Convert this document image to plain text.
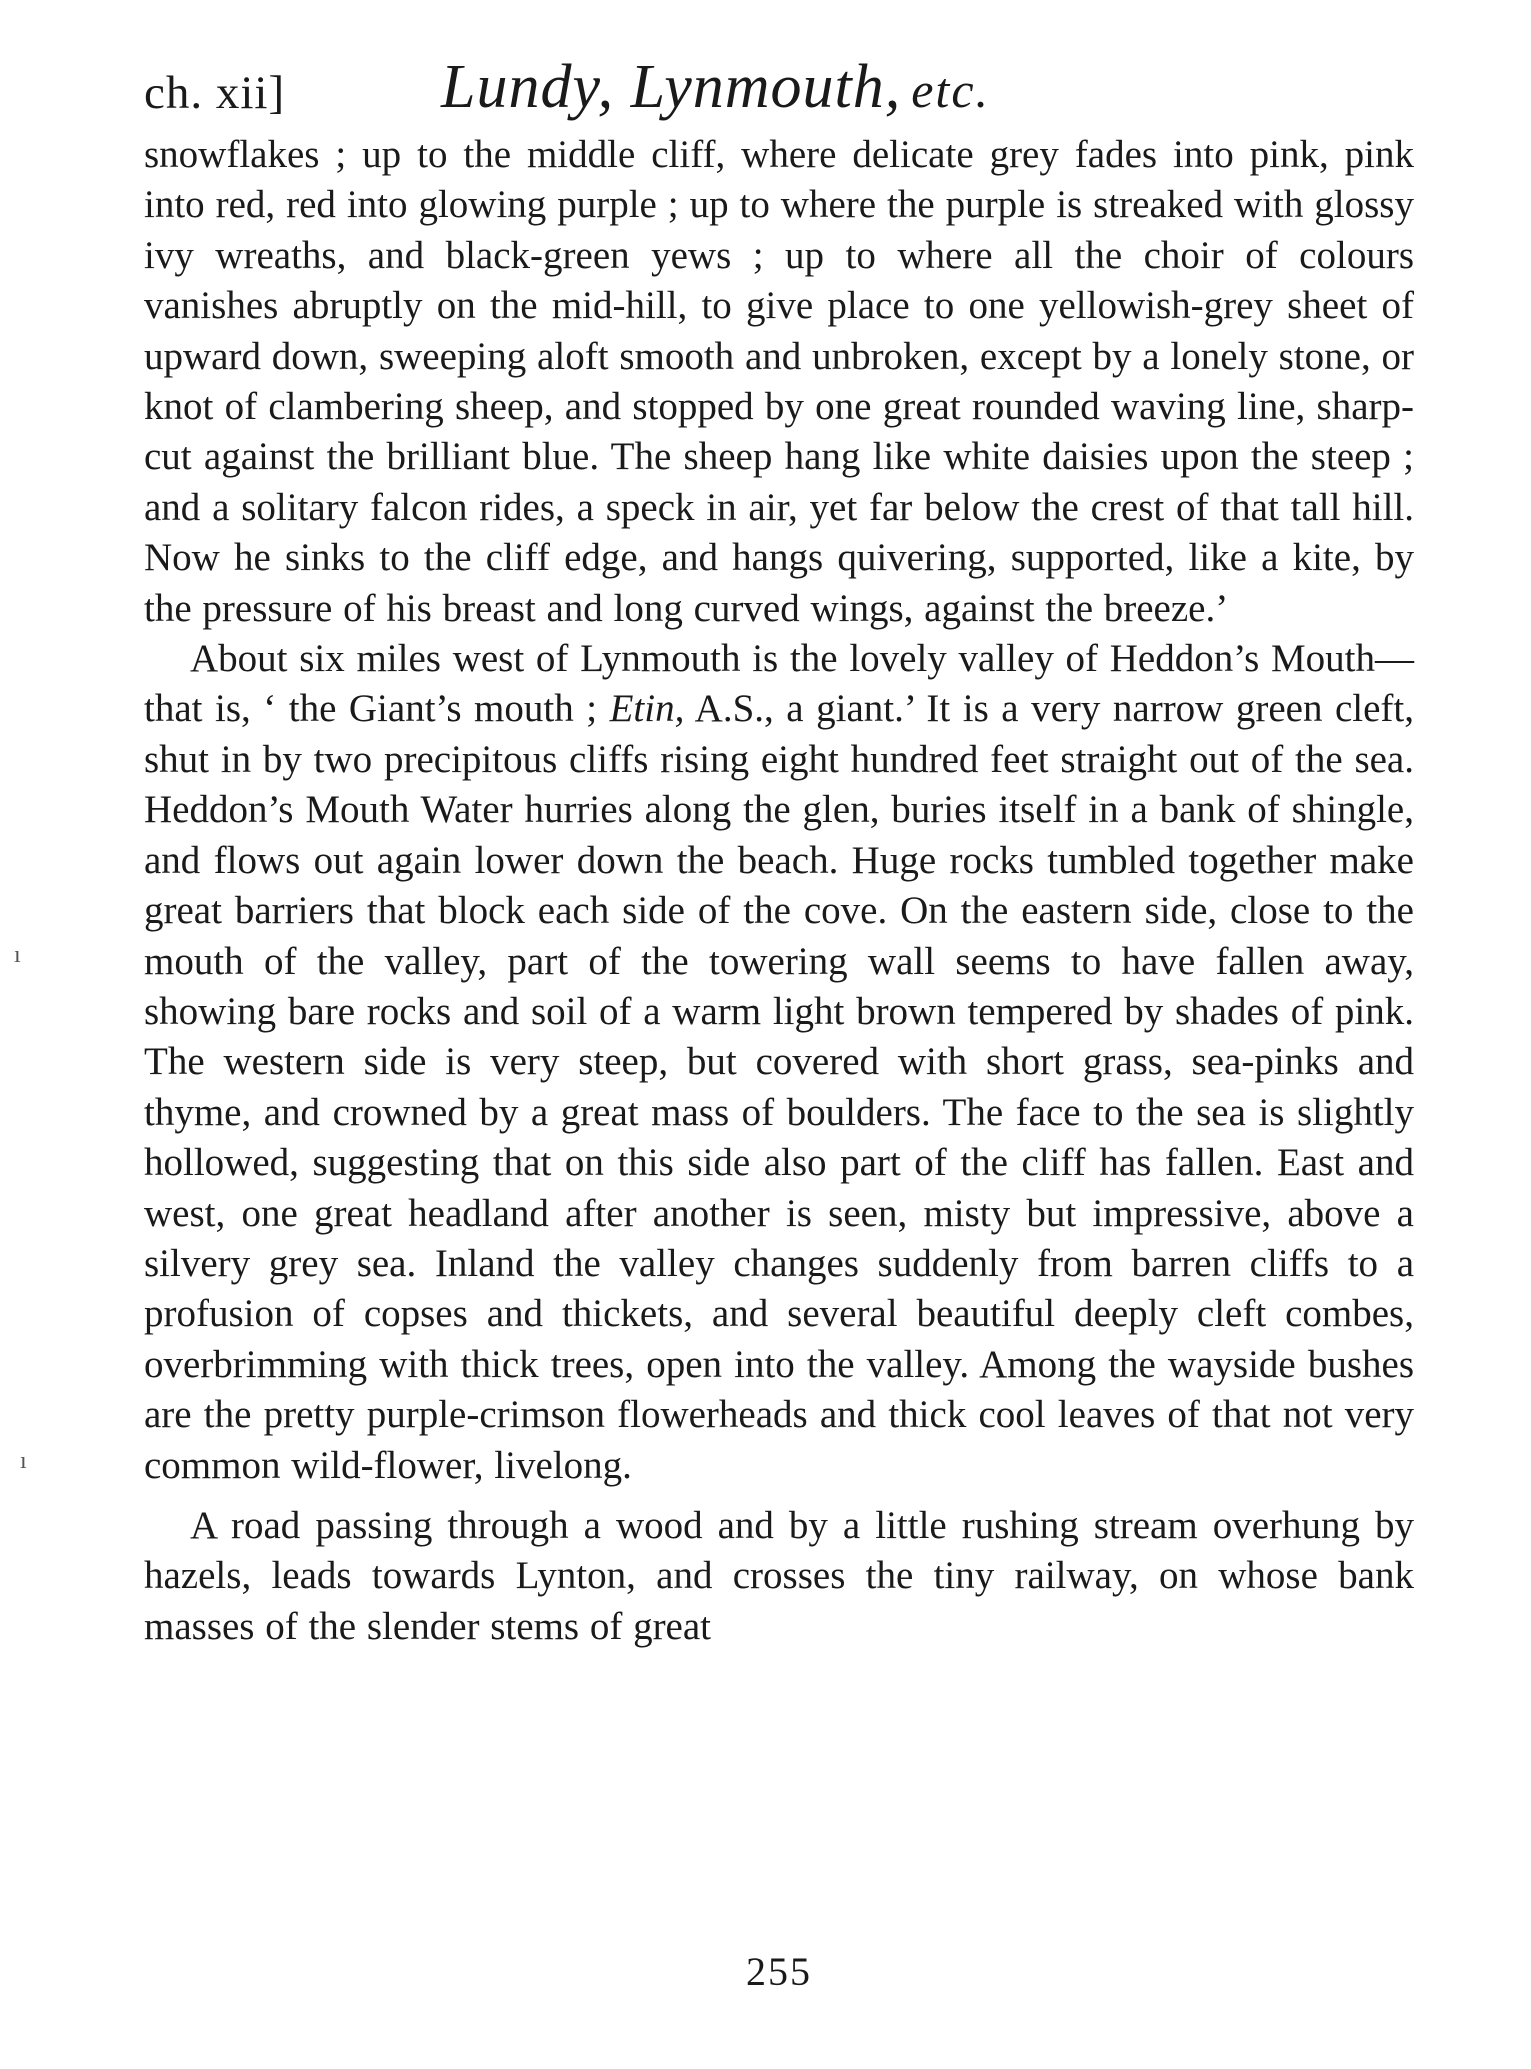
ch. xii]	Lundy, Lynmouth, etc.

snowflakes ; up to the middle cliff, where delicate grey fades into pink, pink into red, red into glowing purple ; up to where the purple is streaked with glossy ivy wreaths, and black-green yews ; up to where all the choir of colours vanishes abruptly on the mid-hill, to give place to one yellowish-grey sheet of upward down, sweeping aloft smooth and unbroken, except by a lonely stone, or knot of clambering sheep, and stopped by one great rounded waving line, sharp-cut against the brilliant blue. The sheep hang like white daisies upon the steep ; and a solitary falcon rides, a speck in air, yet far below the crest of that tall hill. Now he sinks to the cliff edge, and hangs quivering, supported, like a kite, by the pressure of his breast and long curved wings, against the breeze.’

About six miles west of Lynmouth is the lovely valley of Heddon’s Mouth—that is, ‘ the Giant’s mouth ; Etin, A.S., a giant.’ It is a very narrow green cleft, shut in by two precipitous cliffs rising eight hundred feet straight out of the sea. Heddon’s Mouth Water hurries along the glen, buries itself in a bank of shingle, and flows out again lower down the beach. Huge rocks tumbled together make great barriers that block each side of the cove. On the eastern side, close to the mouth of the valley, part of the towering wall seems to have fallen away, showing bare rocks and soil of a warm light brown tempered by shades of pink. The western side is very steep, but covered with short grass, sea-pinks and thyme, and crowned by a great mass of boulders. The face to the sea is slightly hollowed, suggesting that on this side also part of the cliff has fallen. East and west, one great headland after another is seen, misty but impressive, above a silvery grey sea. Inland the valley changes suddenly from barren cliffs to a profusion of copses and thickets, and several beautiful deeply cleft combes, overbrimming with thick trees, open into the valley. Among the wayside bushes are the pretty purple-crimson flowerheads and thick cool leaves of that not very common wild-flower, livelong.

A road passing through a wood and by a little rushing stream overhung by hazels, leads towards Lynton, and crosses the tiny railway, on whose bank masses of the slender stems of great

255
ı
ı
